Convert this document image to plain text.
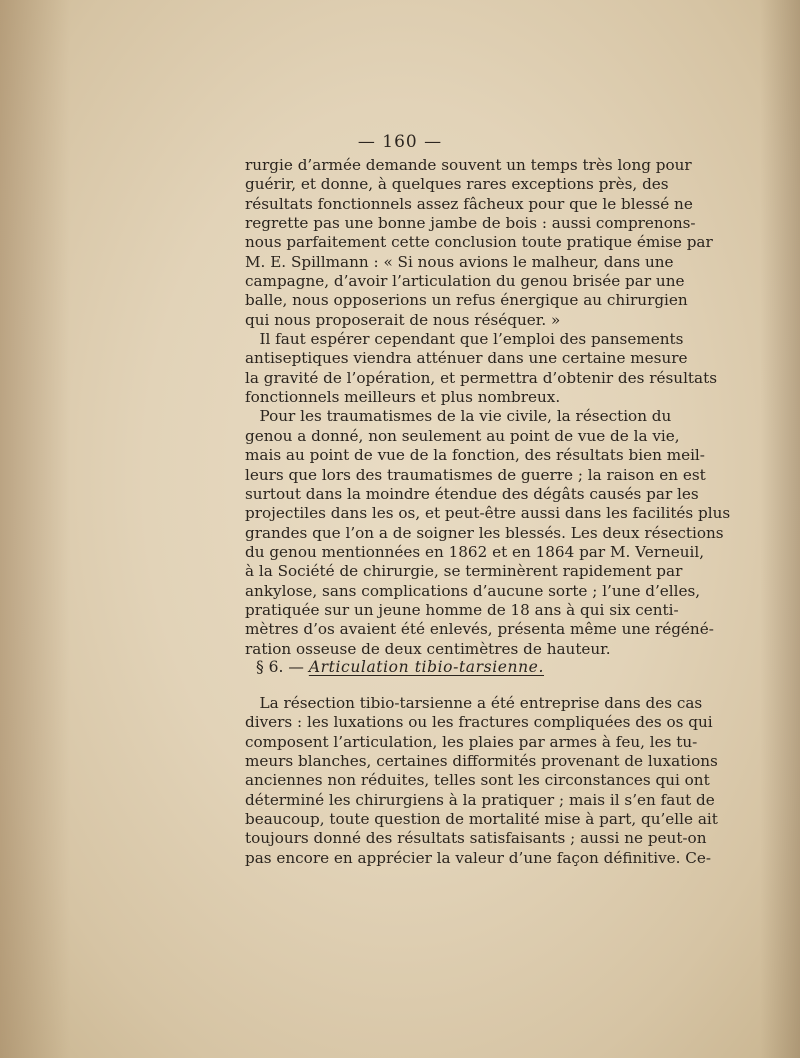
— 160 —
rurgie d’armée demande souvent un temps très long pour
guérir, et donne, à quelques rares exceptions près, des
résultats fonctionnels assez fâcheux pour que le blessé ne
regrette pas une bonne jambe de bois : aussi comprenons-
nous parfaitement cette conclusion toute pratique émise par
M. E. Spillmann : « Si nous avions le malheur, dans une
campagne, d’avoir l’articulation du genou brisée par une
balle, nous opposerions un refus énergique au chirurgien
qui nous proposerait de nous réséquer. »
Il faut espérer cependant que l’emploi des pansements
antiseptiques viendra atténuer dans une certaine mesure
la gravité de l’opération, et permettra d’obtenir des résultats
fonctionnels meilleurs et plus nombreux.
Pour les traumatismes de la vie civile, la résection du
genou a donné, non seulement au point de vue de la vie,
mais au point de vue de la fonction, des résultats bien meil-
leurs que lors des traumatismes de guerre ; la raison en est
surtout dans la moindre étendue des dégâts causés par les
projectiles dans les os, et peut-être aussi dans les facilités plus
grandes que l’on a de soigner les blessés. Les deux résections
du genou mentionnées en 1862 et en 1864 par M. Verneuil,
à la Société de chirurgie, se terminèrent rapidement par
ankylose, sans complications d’aucune sorte ; l’une d’elles,
pratiquée sur un jeune homme de 18 ans à qui six centi-
mètres d’os avaient été enlevés, présenta même une régéné-
ration osseuse de deux centimètres de hauteur.
§ 6. — Articulation tibio-tarsienne.
La résection tibio-tarsienne a été entreprise dans des cas
divers : les luxations ou les fractures compliquées des os qui
composent l’articulation, les plaies par armes à feu, les tu-
meurs blanches, certaines difformités provenant de luxations
anciennes non réduites, telles sont les circonstances qui ont
déterminé les chirurgiens à la pratiquer ; mais il s’en faut de
beaucoup, toute question de mortalité mise à part, qu’elle ait
toujours donné des résultats satisfaisants ; aussi ne peut-on
pas encore en apprécier la valeur d’une façon définitive. Ce-
